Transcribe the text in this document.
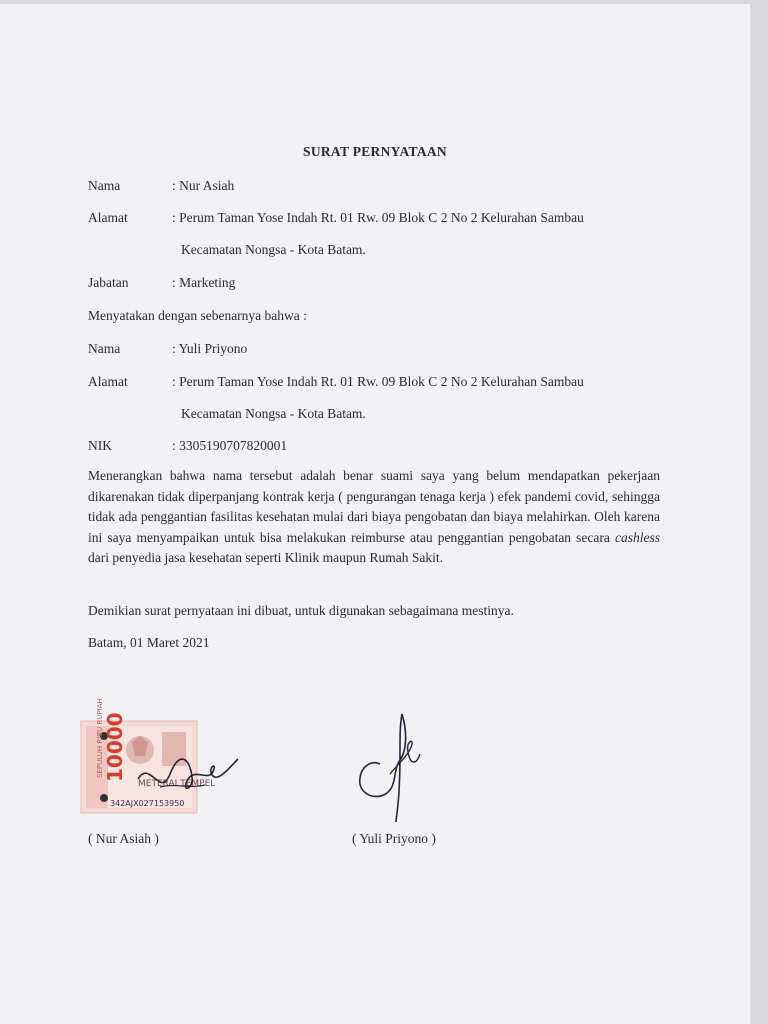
SURAT PERNYATAAN
Nama	: Nur Asiah
Alamat	: Perum Taman Yose Indah Rt. 01 Rw. 09 Blok C 2 No 2 Kelurahan Sambau
Kecamatan Nongsa - Kota Batam.
Jabatan	: Marketing
Menyatakan dengan sebenarnya bahwa :
Nama	: Yuli Priyono
Alamat	: Perum Taman Yose Indah Rt. 01 Rw. 09 Blok C 2 No 2 Kelurahan Sambau
Kecamatan Nongsa - Kota Batam.
NIK	: 3305190707820001
Menerangkan bahwa nama tersebut adalah benar suami saya yang belum mendapatkan pekerjaan dikarenakan tidak diperpanjang kontrak kerja ( pengurangan tenaga kerja ) efek pandemi covid, sehingga tidak ada penggantian fasilitas kesehatan mulai dari biaya pengobatan dan biaya melahirkan. Oleh karena ini saya menyampaikan untuk bisa melakukan reimburse atau penggantian pengobatan secara cashless dari penyedia jasa kesehatan seperti Klinik maupun Rumah Sakit.
Demikian surat pernyataan ini dibuat, untuk digunakan sebagaimana mestinya.
Batam, 01 Maret 2021
SEPULUH RIBU RUPIAH 10000
METERAI TEMPEL
342AJX027153950
( Nur Asiah )	( Yuli Priyono )
